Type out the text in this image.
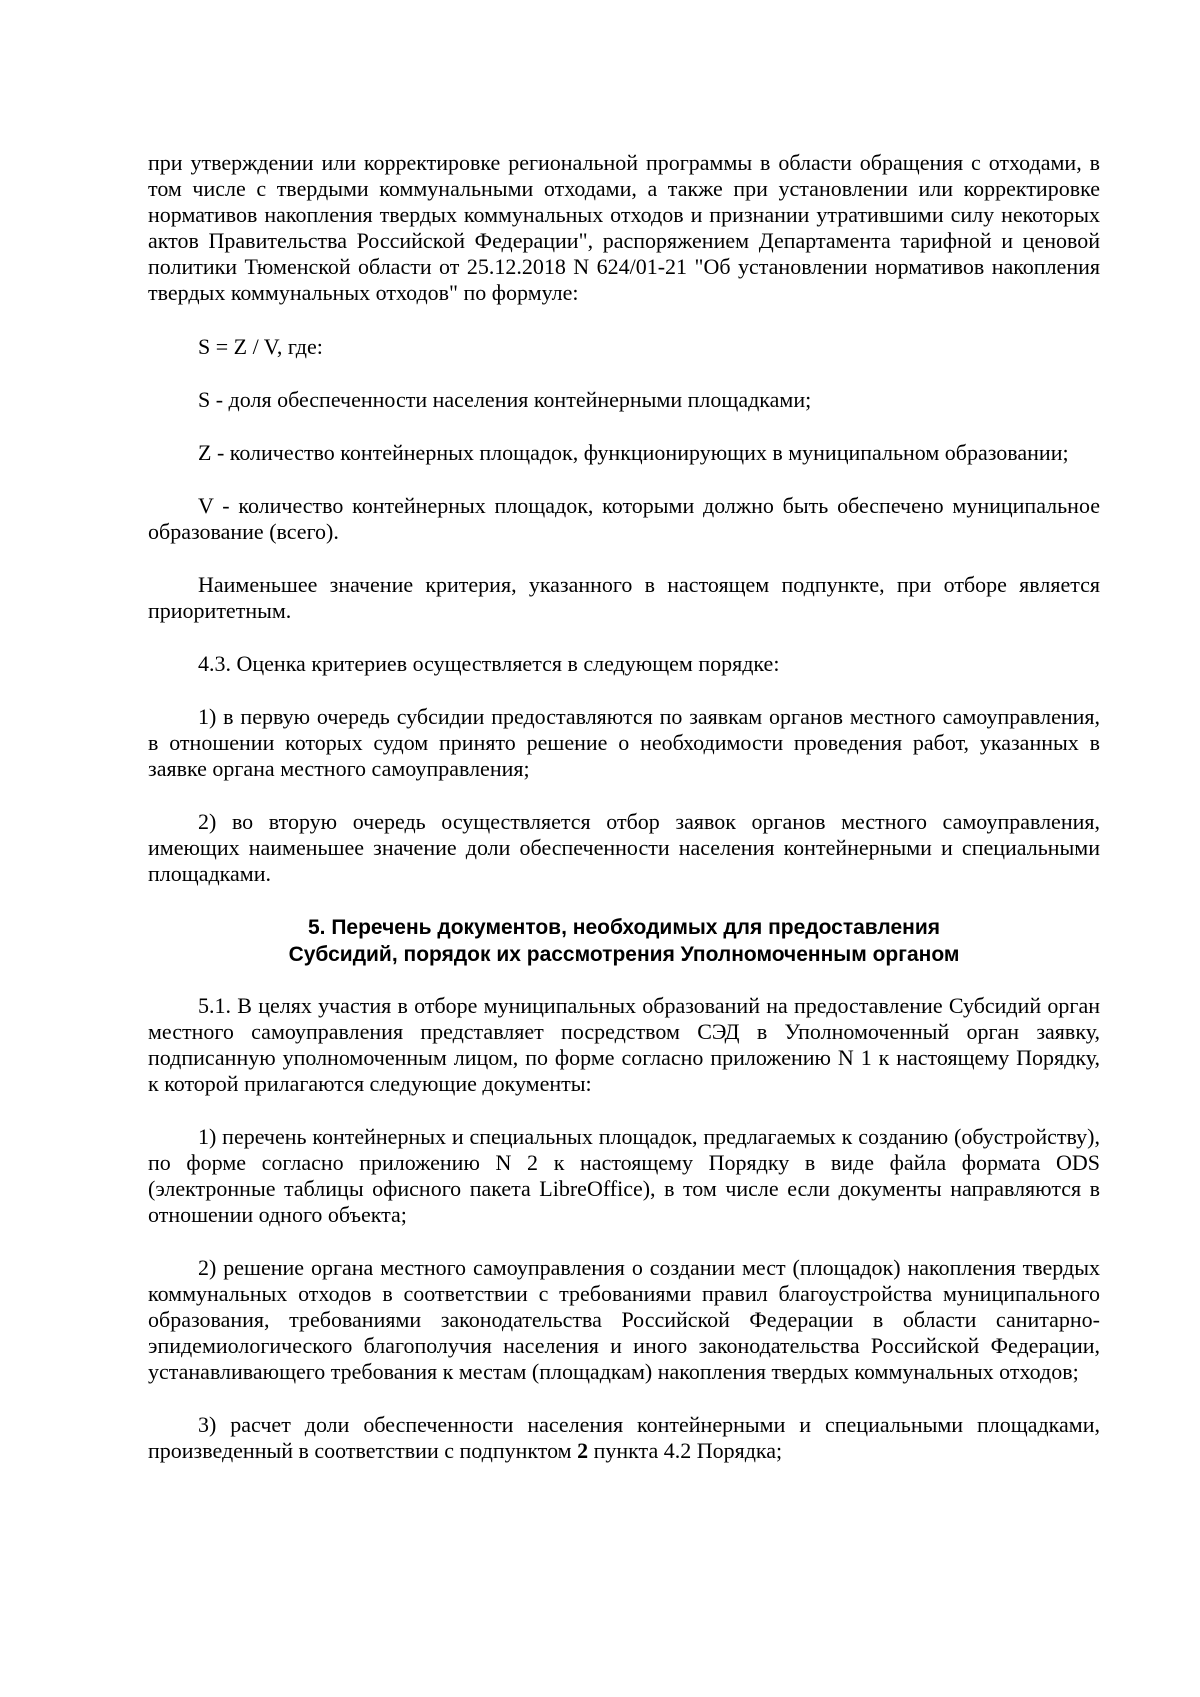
при утверждении или корректировке региональной программы в области обращения с отходами, в том числе с твердыми коммунальными отходами, а также при установлении или корректировке нормативов накопления твердых коммунальных отходов и признании утратившими силу некоторых актов Правительства Российской Федерации", распоряжением Департамента тарифной и ценовой политики Тюменской области от 25.12.2018 N 624/01-21 "Об установлении нормативов накопления твердых коммунальных отходов" по формуле:

S = Z / V, где:

S - доля обеспеченности населения контейнерными площадками;

Z - количество контейнерных площадок, функционирующих в муниципальном образовании;

V - количество контейнерных площадок, которыми должно быть обеспечено муниципальное образование (всего).

Наименьшее значение критерия, указанного в настоящем подпункте, при отборе является приоритетным.

4.3. Оценка критериев осуществляется в следующем порядке:

1) в первую очередь субсидии предоставляются по заявкам органов местного самоуправления, в отношении которых судом принято решение о необходимости проведения работ, указанных в заявке органа местного самоуправления;

2) во вторую очередь осуществляется отбор заявок органов местного самоуправления, имеющих наименьшее значение доли обеспеченности населения контейнерными и специальными площадками.

5. Перечень документов, необходимых для предоставления
Субсидий, порядок их рассмотрения Уполномоченным органом

5.1. В целях участия в отборе муниципальных образований на предоставление Субсидий орган местного самоуправления представляет посредством СЭД в Уполномоченный орган заявку, подписанную уполномоченным лицом, по форме согласно приложению N 1 к настоящему Порядку, к которой прилагаются следующие документы:

1) перечень контейнерных и специальных площадок, предлагаемых к созданию (обустройству), по форме согласно приложению N 2 к настоящему Порядку в виде файла формата ODS (электронные таблицы офисного пакета LibreOffice), в том числе если документы направляются в отношении одного объекта;

2) решение органа местного самоуправления о создании мест (площадок) накопления твердых коммунальных отходов в соответствии с требованиями правил благоустройства муниципального образования, требованиями законодательства Российской Федерации в области санитарно-эпидемиологического благополучия населения и иного законодательства Российской Федерации, устанавливающего требования к местам (площадкам) накопления твердых коммунальных отходов;

3) расчет доли обеспеченности населения контейнерными и специальными площадками, произведенный в соответствии с подпунктом 2 пункта 4.2 Порядка;
